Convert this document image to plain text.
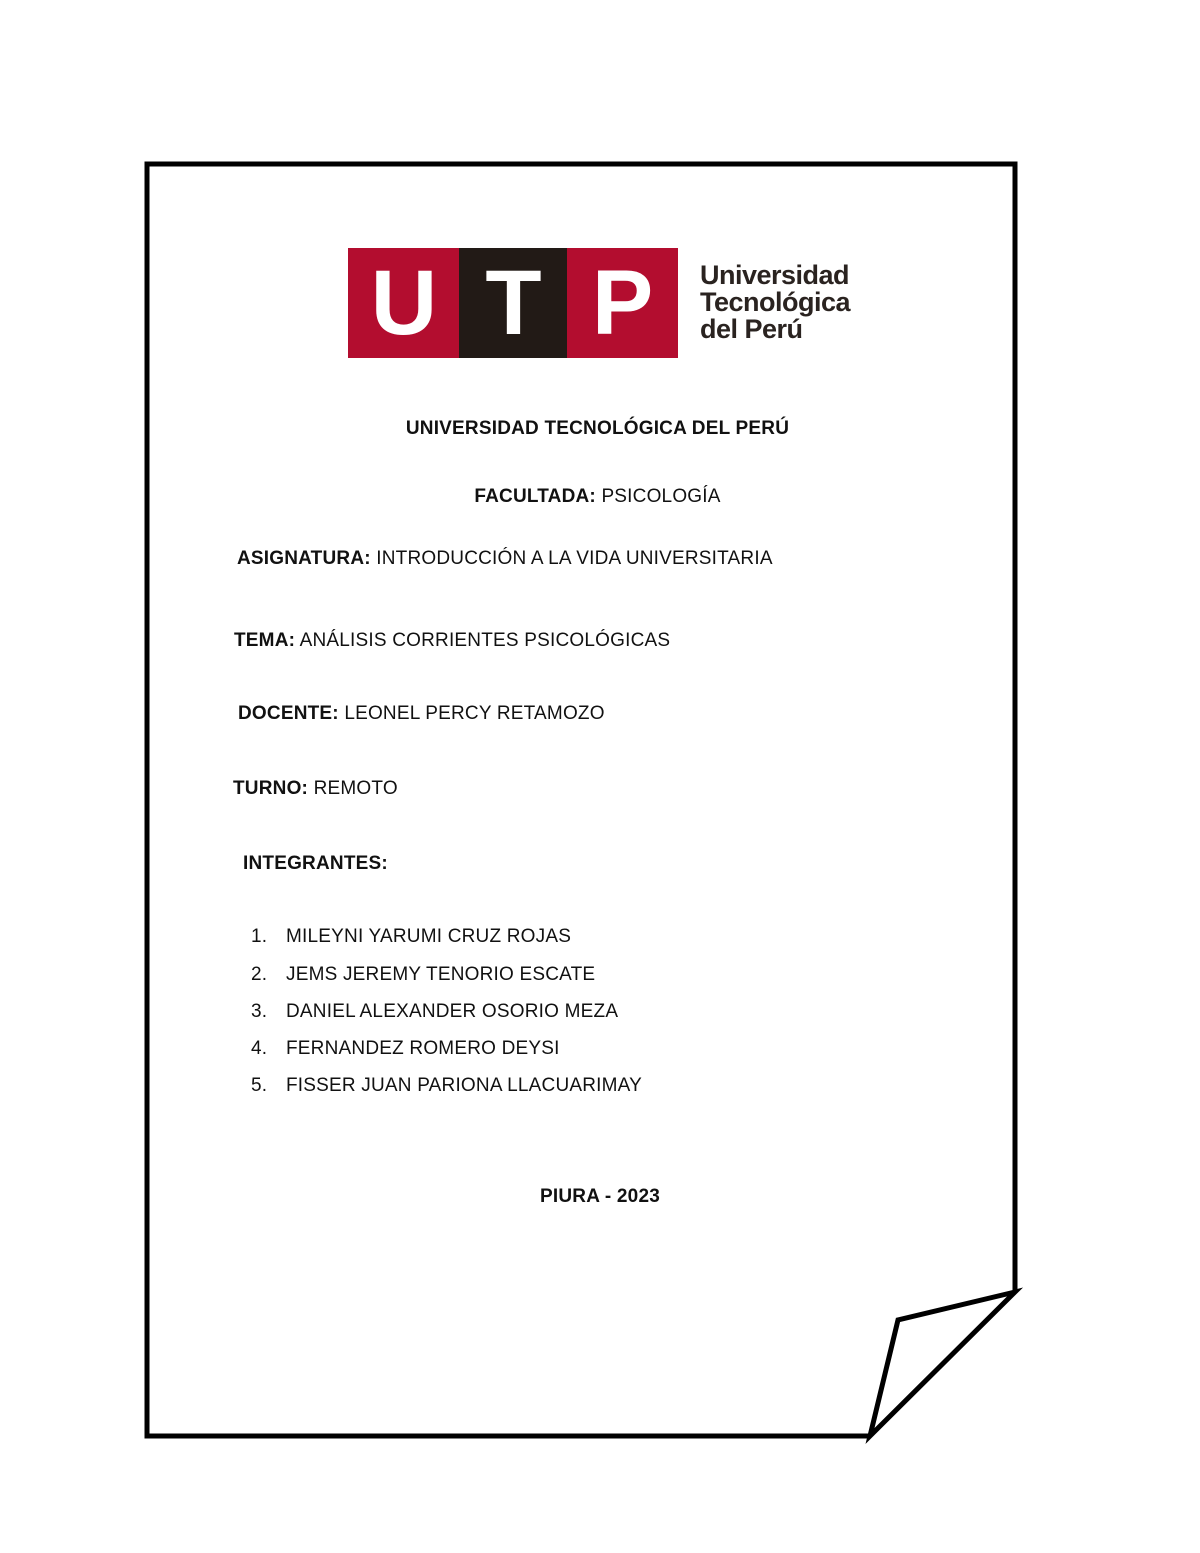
U T P Universidad
Tecnológica
del Perú
UNIVERSIDAD TECNOLÓGICA DEL PERÚ
FACULTADA: PSICOLOGÍA
ASIGNATURA: INTRODUCCIÓN A LA VIDA UNIVERSITARIA
TEMA: ANÁLISIS CORRIENTES PSICOLÓGICAS
DOCENTE: LEONEL PERCY RETAMOZO
TURNO: REMOTO
INTEGRANTES:
1. MILEYNI YARUMI CRUZ ROJAS
2. JEMS JEREMY TENORIO ESCATE
3. DANIEL ALEXANDER OSORIO MEZA
4. FERNANDEZ ROMERO DEYSI
5. FISSER JUAN PARIONA LLACUARIMAY
PIURA - 2023
